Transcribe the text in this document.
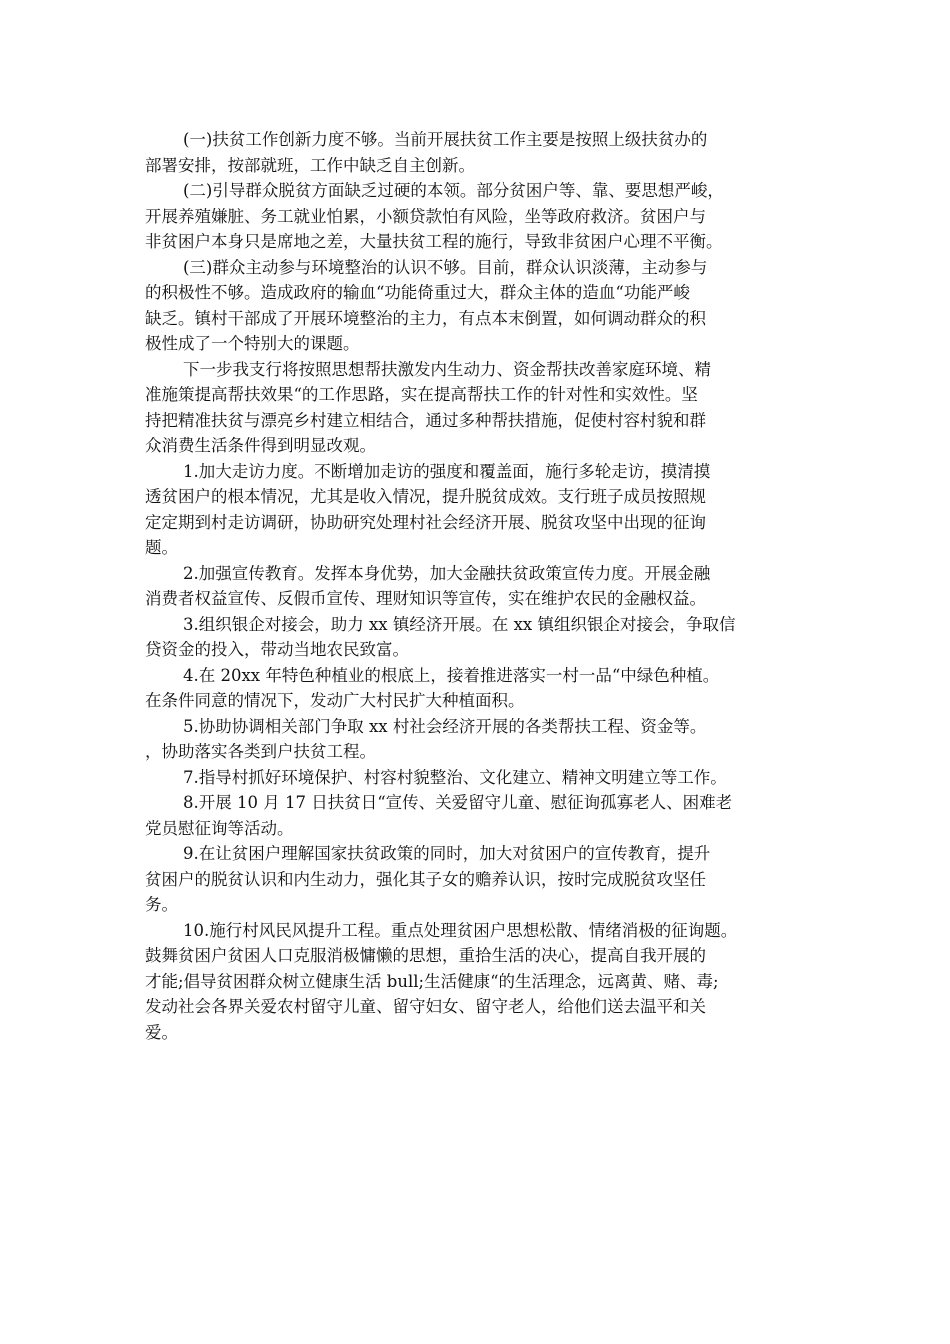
(一)扶贫工作创新力度不够。当前开展扶贫工作主要是按照上级扶贫办的
部署安排，按部就班，工作中缺乏自主创新。

(二)引导群众脱贫方面缺乏过硬的本领。部分贫困户等、靠、要思想严峻，
开展养殖嫌脏、务工就业怕累，小额贷款怕有风险，坐等政府救济。贫困户与
非贫困户本身只是席地之差，大量扶贫工程的施行，导致非贫困户心理不平衡。

(三)群众主动参与环境整治的认识不够。目前，群众认识淡薄，主动参与
的积极性不够。造成政府的输血“功能倚重过大，群众主体的造血“功能严峻
缺乏。镇村干部成了开展环境整治的主力，有点本末倒置，如何调动群众的积
极性成了一个特别大的课题。

下一步我支行将按照思想帮扶激发内生动力、资金帮扶改善家庭环境、精
准施策提高帮扶效果“的工作思路，实在提高帮扶工作的针对性和实效性。坚
持把精准扶贫与漂亮乡村建立相结合，通过多种帮扶措施，促使村容村貌和群
众消费生活条件得到明显改观。

1.加大走访力度。不断增加走访的强度和覆盖面，施行多轮走访，摸清摸
透贫困户的根本情况，尤其是收入情况，提升脱贫成效。支行班子成员按照规
定定期到村走访调研，协助研究处理村社会经济开展、脱贫攻坚中出现的征询
题。

2.加强宣传教育。发挥本身优势，加大金融扶贫政策宣传力度。开展金融
消费者权益宣传、反假币宣传、理财知识等宣传，实在维护农民的金融权益。

3.组织银企对接会，助力 xx 镇经济开展。在 xx 镇组织银企对接会，争取信
贷资金的投入，带动当地农民致富。

4.在 20xx 年特色种植业的根底上，接着推进落实一村一品“中绿色种植。
在条件同意的情况下，发动广大村民扩大种植面积。

5.协助协调相关部门争取 xx 村社会经济开展的各类帮扶工程、资金等。
，协助落实各类到户扶贫工程。

7.指导村抓好环境保护、村容村貌整治、文化建立、精神文明建立等工作。

8.开展 10 月 17 日扶贫日“宣传、关爱留守儿童、慰征询孤寡老人、困难老
党员慰征询等活动。

9.在让贫困户理解国家扶贫政策的同时，加大对贫困户的宣传教育，提升
贫困户的脱贫认识和内生动力，强化其子女的赡养认识，按时完成脱贫攻坚任
务。

10.施行村风民风提升工程。重点处理贫困户思想松散、情绪消极的征询题。
鼓舞贫困户贫困人口克服消极慵懒的思想，重拾生活的决心，提高自我开展的
才能;倡导贫困群众树立健康生活 bull;生活健康“的生活理念，远离黄、赌、毒;
发动社会各界关爱农村留守儿童、留守妇女、留守老人，给他们送去温平和关
爱。
